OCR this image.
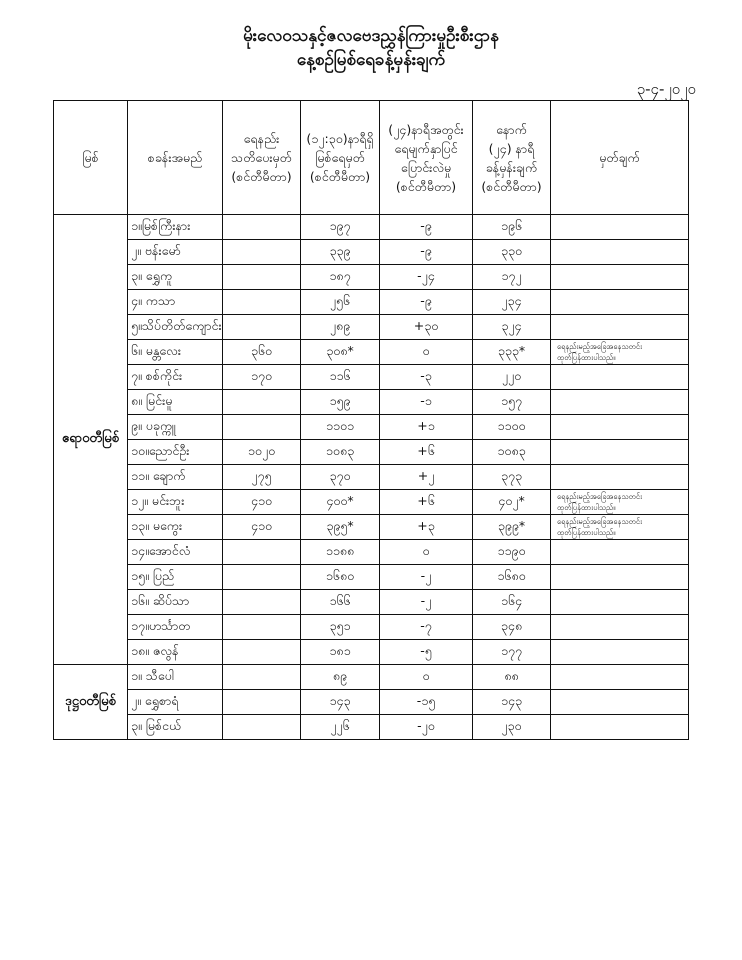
မိုးလေဝသနှင့်ဇလဗေဒညွှန်ကြားမှုဦးစီးဌာန
နေ့စဉ်မြစ်ရေခန့်မှန်းချက်
၃-၄-၂၀၂၀
မြစ်	စခန်းအမည်	ရေနည်း
သတိပေးမှတ်
(စင်တီမီတာ)	(၁၂:၃၀)နာရီရှိ
မြစ်ရေမှတ်
(စင်တီမီတာ)	(၂၄)နာရီအတွင်း
ရေမျက်နှာပြင်
ပြောင်းလဲမှု
(စင်တီမီတာ)	နောက်
(၂၄) နာရီ
ခန့်မှန်းချက်
(စင်တီမီတာ)	မှတ်ချက်
ဧရာဝတီမြစ်	၁။မြစ်ကြီးနား		၁၉၇	-၉	၁၉၆	
	၂။ ဗန်းမော်		၃၃၉	-၉	၃၃၀	
	၃။ ရွှေကူ		၁၈၇	-၂၄	၁၇၂	
	၄။ ကသာ		၂၅၆	-၉	၂၃၄	
	၅။သိပ်တိတ်ကျောင်း		၂၈၉	+၃၀	၃၂၄	
	၆။ မန္တလေး	၃၆၀	၃၀၈*	၀	၃၃၃*	ရေနည်းမည့်အခြေအနေသတင်း
ထုတ်ပြန်ထားပါသည်။
	၇။ စစ်ကိုင်း	၁၇၀	၁၁၆	-၃	၂၂၀	
	၈။ မြင်းမူ		၁၅၉	-၁	၁၅၇	
	၉။ ပခုက္ကူ		၁၁၀၁	+၁	၁၁၀၀	
	၁၀။ညောင်ဦး	၁၀၂၀	၁၀၈၃	+၆	၁၀၈၃	
	၁၁။ ချောက်	၂၇၅	၃၇၀	+၂	၃၇၃	
	၁၂။ မင်းဘူး	၄၁၀	၄၀၀*	+၆	၄၀၂*	ရေနည်းမည့်အခြေအနေသတင်း
ထုတ်ပြန်ထားပါသည်။
	၁၃။ မကွေး	၄၁၀	၃၉၅*	+၃	၃၉၉*	ရေနည်းမည့်အခြေအနေသတင်း
ထုတ်ပြန်ထားပါသည်။
	၁၄။အောင်လံ		၁၁၈၈	၀	၁၁၉၀	
	၁၅။ ပြည်		၁၆၈၀	-၂	၁၆၈၀	
	၁၆။ ဆိပ်သာ		၁၆၆	-၂	၁၆၄	
	၁၇။ဟင်္သာတ		၃၅၁	-၇	၃၄၈	
	၁၈။ ဇလွန်		၁၈၁	-၅	၁၇၇	
ဒုဋ္ဌဝတီမြစ်	၁။ သီပေါ		၈၉	၀	၈၈	
	၂။ ရွှေစာရံ		၁၄၃	-၁၅	၁၄၃	
	၃။ မြစ်ငယ်		၂၂၆	-၂၀	၂၃၀	
